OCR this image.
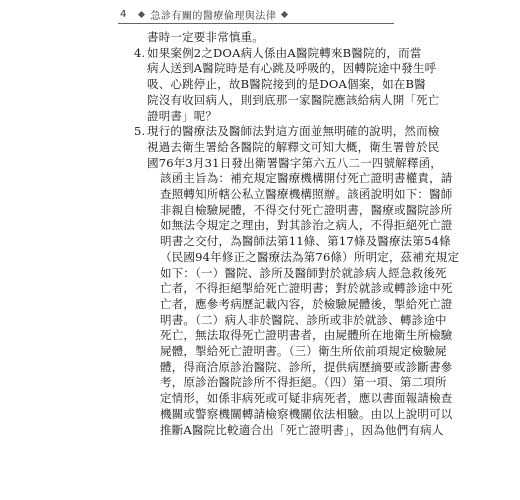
4 急診有關的醫療倫理與法律
書時一定要非常慎重。
4. 如果案例2之DOA病人係由A醫院轉來B醫院的，而當
病人送到A醫院時是有心跳及呼吸的，因轉院途中發生呼
吸、心跳停止，故B醫院接到的是DOA個案，如在B醫
院沒有收回病人，則到底那一家醫院應該給病人開「死亡
證明書」呢？
5. 現行的醫療法及醫師法對這方面並無明確的說明，然而檢
視過去衛生署給各醫院的解釋文可知大概，衛生署曾於民
國76年3月31日發出衛署醫字第六五八二一四號解釋函，
該函主旨為：補充規定醫療機構開付死亡證明書權責，請
查照轉知所轄公私立醫療機構照辦。該函說明如下：醫師
非親自檢驗屍體，不得交付死亡證明書，醫療或醫院診所
如無法令規定之理由，對其診治之病人，不得拒絕死亡證
明書之交付，為醫師法第11條、第17條及醫療法第54條
（民國94年修正之醫療法為第76條）所明定，茲補充規定
如下：（一）醫院、診所及醫師對於就診病人經急救後死
亡者，不得拒絕掣給死亡證明書；對於就診或轉診途中死
亡者，應參考病歷記載內容，於檢驗屍體後，掣給死亡證
明書。（二）病人非於醫院、診所或非於就診、轉診途中
死亡，無法取得死亡證明書者，由屍體所在地衛生所檢驗
屍體，掣給死亡證明書。（三）衛生所依前項規定檢驗屍
體，得商洽原診治醫院、診所，提供病歷摘要或診斷書參
考，原診治醫院診所不得拒絕。（四）第一項、第二項所
定情形，如係非病死或可疑非病死者，應以書面報請檢查
機關或警察機關轉請檢察機關依法相驗。由以上說明可以
推斷A醫院比較適合出「死亡證明書」，因為他們有病人
